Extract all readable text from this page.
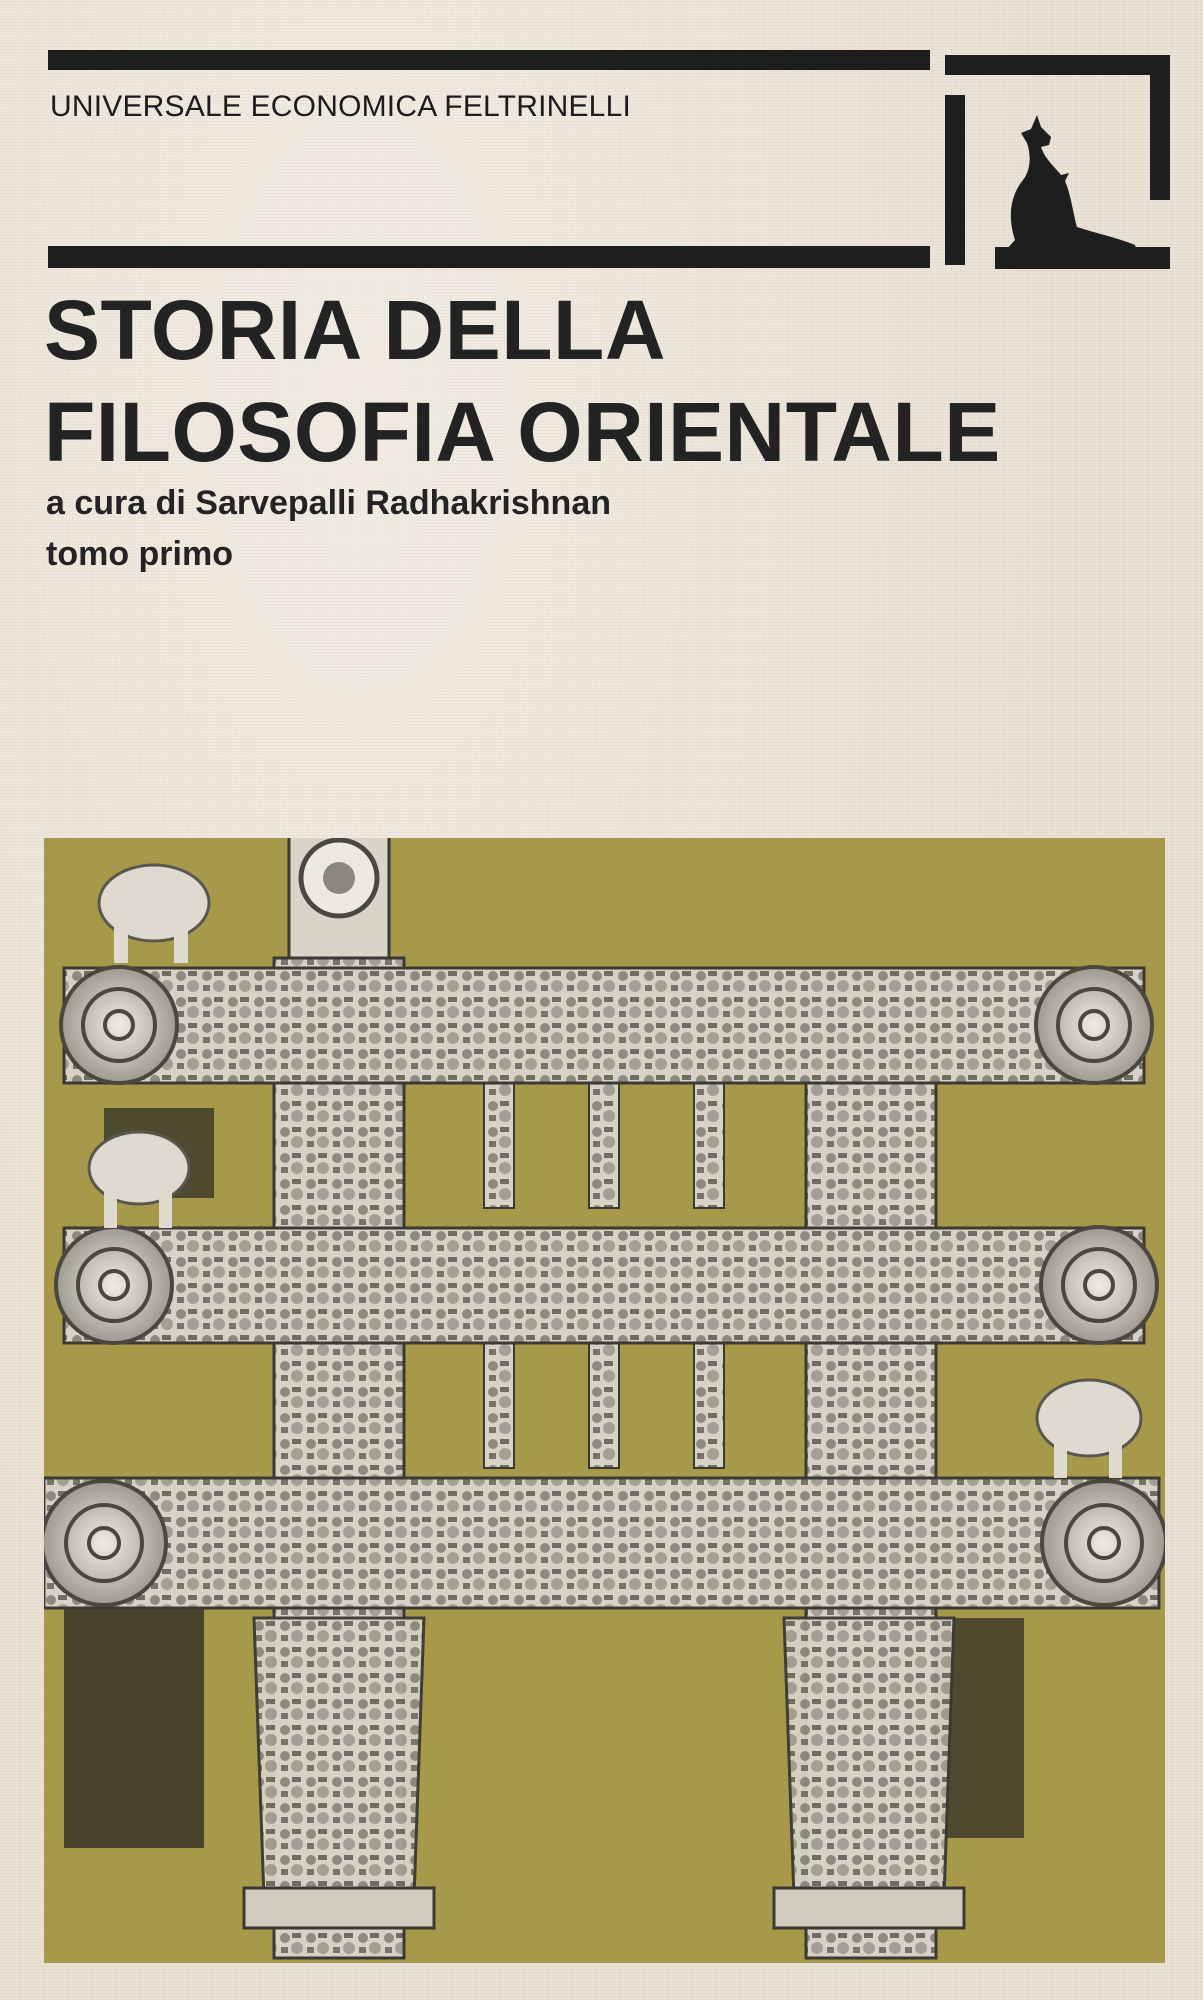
UNIVERSALE ECONOMICA FELTRINELLI
STORIA DELLA
FILOSOFIA ORIENTALE
a cura di Sarvepalli Radhakrishnan
tomo primo
